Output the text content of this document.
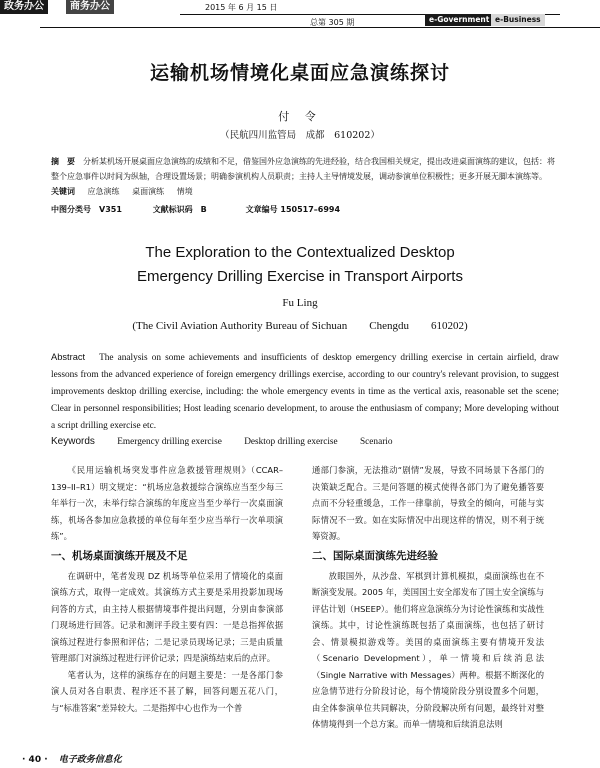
政务办公	商务办公	2015 年 6 月 15 日
总第 305 期	e-Government e-Business
运输机场情境化桌面应急演练探讨
付 令
（民航四川监管局　成都　610202）
摘　要 分析某机场开展桌面应急演练的成绩和不足，借鉴国外应急演练的先进经验，结合我国相关规定，提出改进桌面演练的建议，包括：将整个应急事件以时间为纵轴，合理设置场景；明确参演机构人员职责；主持人主导情境发展，调动参演单位积极性；更多开展无脚本演练等。
关键词 应急演练 桌面演练 情境
中图分类号　V351	文献标识码　B	文章编号 150517–6994
The Exploration to the Contextualized Desktop Emergency Drilling Exercise in Transport Airports
Fu Ling
(The Civil Aviation Authority Bureau of Sichuan　　Chengdu　　610202)
Abstract The analysis on some achievements and insufficients of desktop emergency drilling exercise in certain airfield, draw lessons from the advanced experience of foreign emergency drillings exercise, according to our country's relevant provision, to suggest improvements desktop drilling exercise, including: the whole emergency events in time as the vertical axis, reasonable set the scene; Clear in personnel responsibilities; Host leading scenario development, to arouse the enthusiasm of company; More developing without a script drilling exercise etc.
Keywords Emergency drilling exercise Desktop drilling exercise Scenario

《民用运输机场突发事件应急救援管理规则》（CCAR–139–II–R1）明文规定：“机场应急救援综合演练应当至少每三年举行一次，未举行综合演练的年度应当至少举行一次桌面演练，机场各参加应急救援的单位每年至少应当举行一次单项演练”。

一、机场桌面演练开展及不足

在调研中，笔者发现 DZ 机场等单位采用了情境化的桌面演练方式，取得一定成效。其演练方式主要是采用投影加现场问答的方式，由主持人根据情境事件提出问题，分别由参演部门现场进行回答。记录和测评手段主要有四：一是总指挥依据演练过程进行参照和评估；二是记录员现场记录；三是由质量管理部门对演练过程进行评价记录；四是演练结束后的点评。

笔者认为，这样的演练存在的问题主要是：一是各部门参演人员对各自职责、程序还不甚了解，回答问题五花八门，与“标准答案”差异较大。二是指挥中心也作为一个普

通部门参演，无法推动“剧情”发展，导致不同场景下各部门的决策缺乏配合。三是问答题的模式使得各部门为了避免播答要点而不分轻重缓急，工作一律靠前，导致全的倾向，可能与实际情况不一致。如在实际情况中出现这样的情况，则不利于统筹资源。

二、国际桌面演练先进经验

放眼国外，从沙盘、军棋到计算机模拟，桌面演练也在不断演变发展。2005 年，美国国土安全部发布了国土安全演练与评估计划（HSEEP）。他们将应急演练分为讨论性演练和实战性演练。其中，讨论性演练既包括了桌面演练，也包括了研讨会、情景模拟游戏等。美国的桌面演练主要有情境开发法（Scenario Development），单一情境和后续消息法（Single Narrative with Messages）两种。根据不断深化的应急情节进行分阶段讨论，每个情境阶段分别设置多个问题，由全体参演单位共同解决，分阶段解决所有问题，最终针对整体情境得到一个总方案。而单一情境和后续消息法则

· 40 · 电子政务信息化
